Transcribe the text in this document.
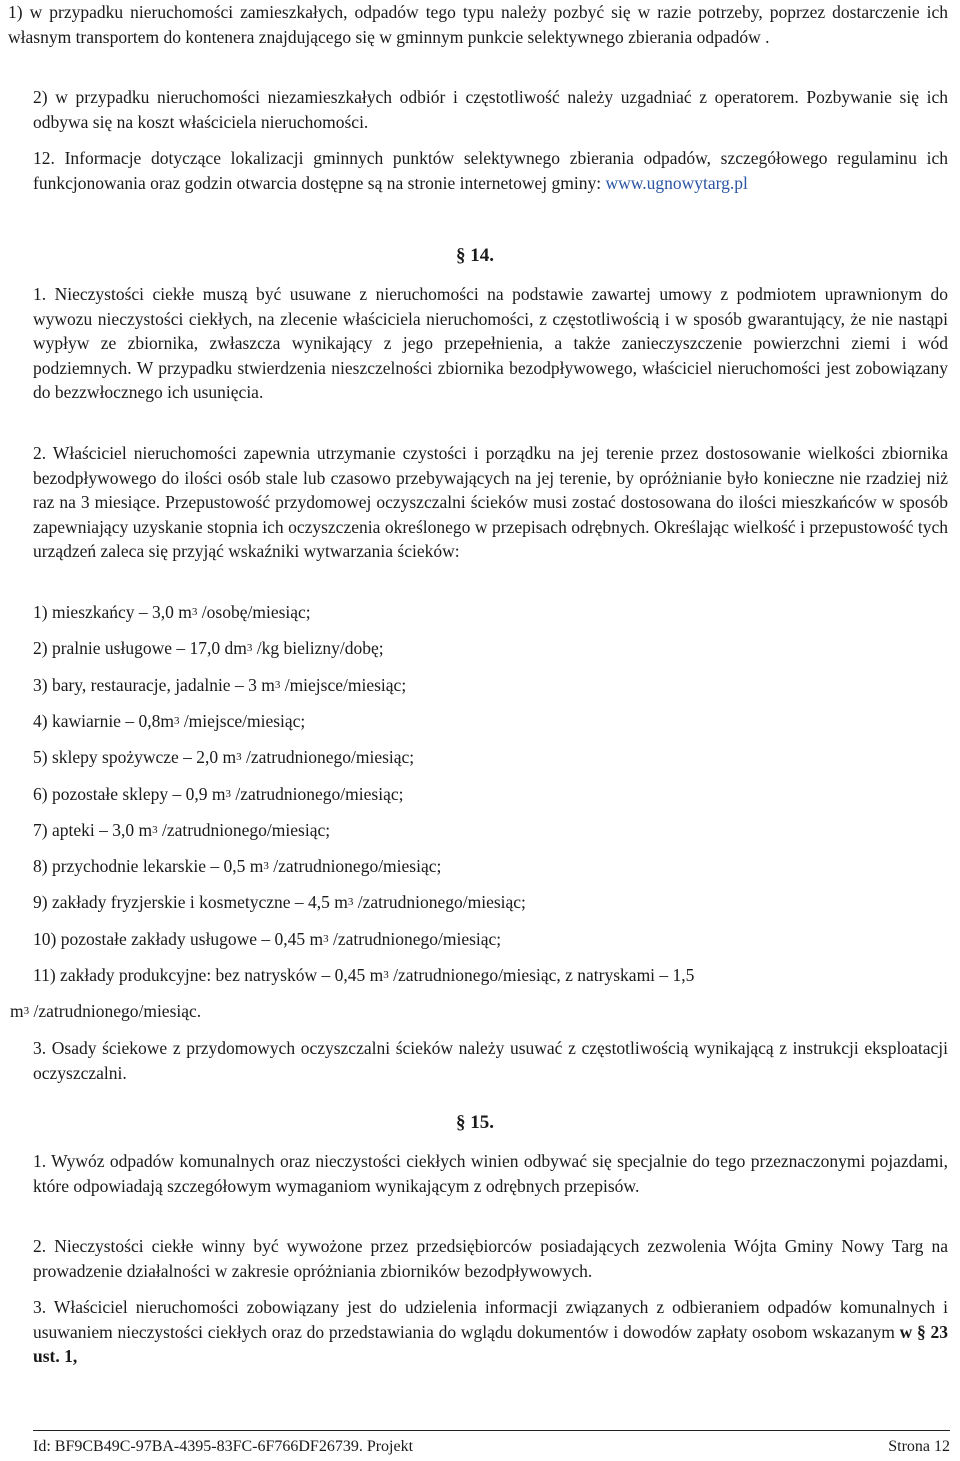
1) w przypadku nieruchomości zamieszkałych, odpadów tego typu należy pozbyć się w razie potrzeby, poprzez dostarczenie ich własnym transportem do kontenera znajdującego się w gminnym punkcie selektywnego zbierania odpadów .

2) w przypadku nieruchomości niezamieszkałych odbiór i częstotliwość należy uzgadniać z operatorem. Pozbywanie się ich odbywa się na koszt właściciela nieruchomości.

12. Informacje dotyczące lokalizacji gminnych punktów selektywnego zbierania odpadów, szczegółowego regulaminu ich funkcjonowania oraz godzin otwarcia dostępne są na stronie internetowej gminy: www.ugnowytarg.pl

§ 14.

1. Nieczystości ciekłe muszą być usuwane z nieruchomości na podstawie zawartej umowy z podmiotem uprawnionym do wywozu nieczystości ciekłych, na zlecenie właściciela nieruchomości, z częstotliwością i w sposób gwarantujący, że nie nastąpi wypływ ze zbiornika, zwłaszcza wynikający z jego przepełnienia, a także zanieczyszczenie powierzchni ziemi i wód podziemnych. W przypadku stwierdzenia nieszczelności zbiornika bezodpływowego, właściciel nieruchomości jest zobowiązany do bezzwłocznego ich usunięcia.

2. Właściciel nieruchomości zapewnia utrzymanie czystości i porządku na jej terenie przez dostosowanie wielkości zbiornika bezodpływowego do ilości osób stale lub czasowo przebywających na jej terenie, by opróżnianie było konieczne nie rzadziej niż raz na 3 miesiące. Przepustowość przydomowej oczyszczalni ścieków musi zostać dostosowana do ilości mieszkańców w sposób zapewniający uzyskanie stopnia ich oczyszczenia określonego w przepisach odrębnych. Określając wielkość i przepustowość tych urządzeń zaleca się przyjąć wskaźniki wytwarzania ścieków:

1) mieszkańcy – 3,0 $m^3$ /osobę/miesiąc;

2) pralnie usługowe – 17,0 $dm^3$ /kg bielizny/dobę;

3) bary, restauracje, jadalnie – 3 $m^3$ /miejsce/miesiąc;

4) kawiarnie – $0,8m^3$ /miejsce/miesiąc;

5) sklepy spożywcze – 2,0 $m^3$ /zatrudnionego/miesiąc;

6) pozostałe sklepy – 0,9 $m^3$ /zatrudnionego/miesiąc;

7) apteki – 3,0 $m^3$ /zatrudnionego/miesiąc;

8) przychodnie lekarskie – 0,5 $m^3$ /zatrudnionego/miesiąc;

9) zakłady fryzjerskie i kosmetyczne – 4,5 $m^3$ /zatrudnionego/miesiąc;

10) pozostałe zakłady usługowe – 0,45 $m^3$ /zatrudnionego/miesiąc;

11) zakłady produkcyjne: bez natrysków – 0,45 $m^3$ /zatrudnionego/miesiąc, z natryskami – 1,5

$m^3$ /zatrudnionego/miesiąc.

3. Osady ściekowe z przydomowych oczyszczalni ścieków należy usuwać z częstotliwością wynikającą z instrukcji eksploatacji oczyszczalni.

§ 15.

1. Wywóz odpadów komunalnych oraz nieczystości ciekłych winien odbywać się specjalnie do tego przeznaczonymi pojazdami, które odpowiadają szczegółowym wymaganiom wynikającym z odrębnych przepisów.

2. Nieczystości ciekłe winny być wywożone przez przedsiębiorców posiadających zezwolenia Wójta Gminy Nowy Targ na prowadzenie działalności w zakresie opróżniania zbiorników bezodpływowych.

3. Właściciel nieruchomości zobowiązany jest do udzielenia informacji związanych z odbieraniem odpadów komunalnych i usuwaniem nieczystości ciekłych oraz do przedstawiania do wglądu dokumentów i dowodów zapłaty osobom wskazanym w § 23 ust. 1,

Id: BF9CB49C-97BA-4395-83FC-6F766DF26739. Projekt	Strona 12
